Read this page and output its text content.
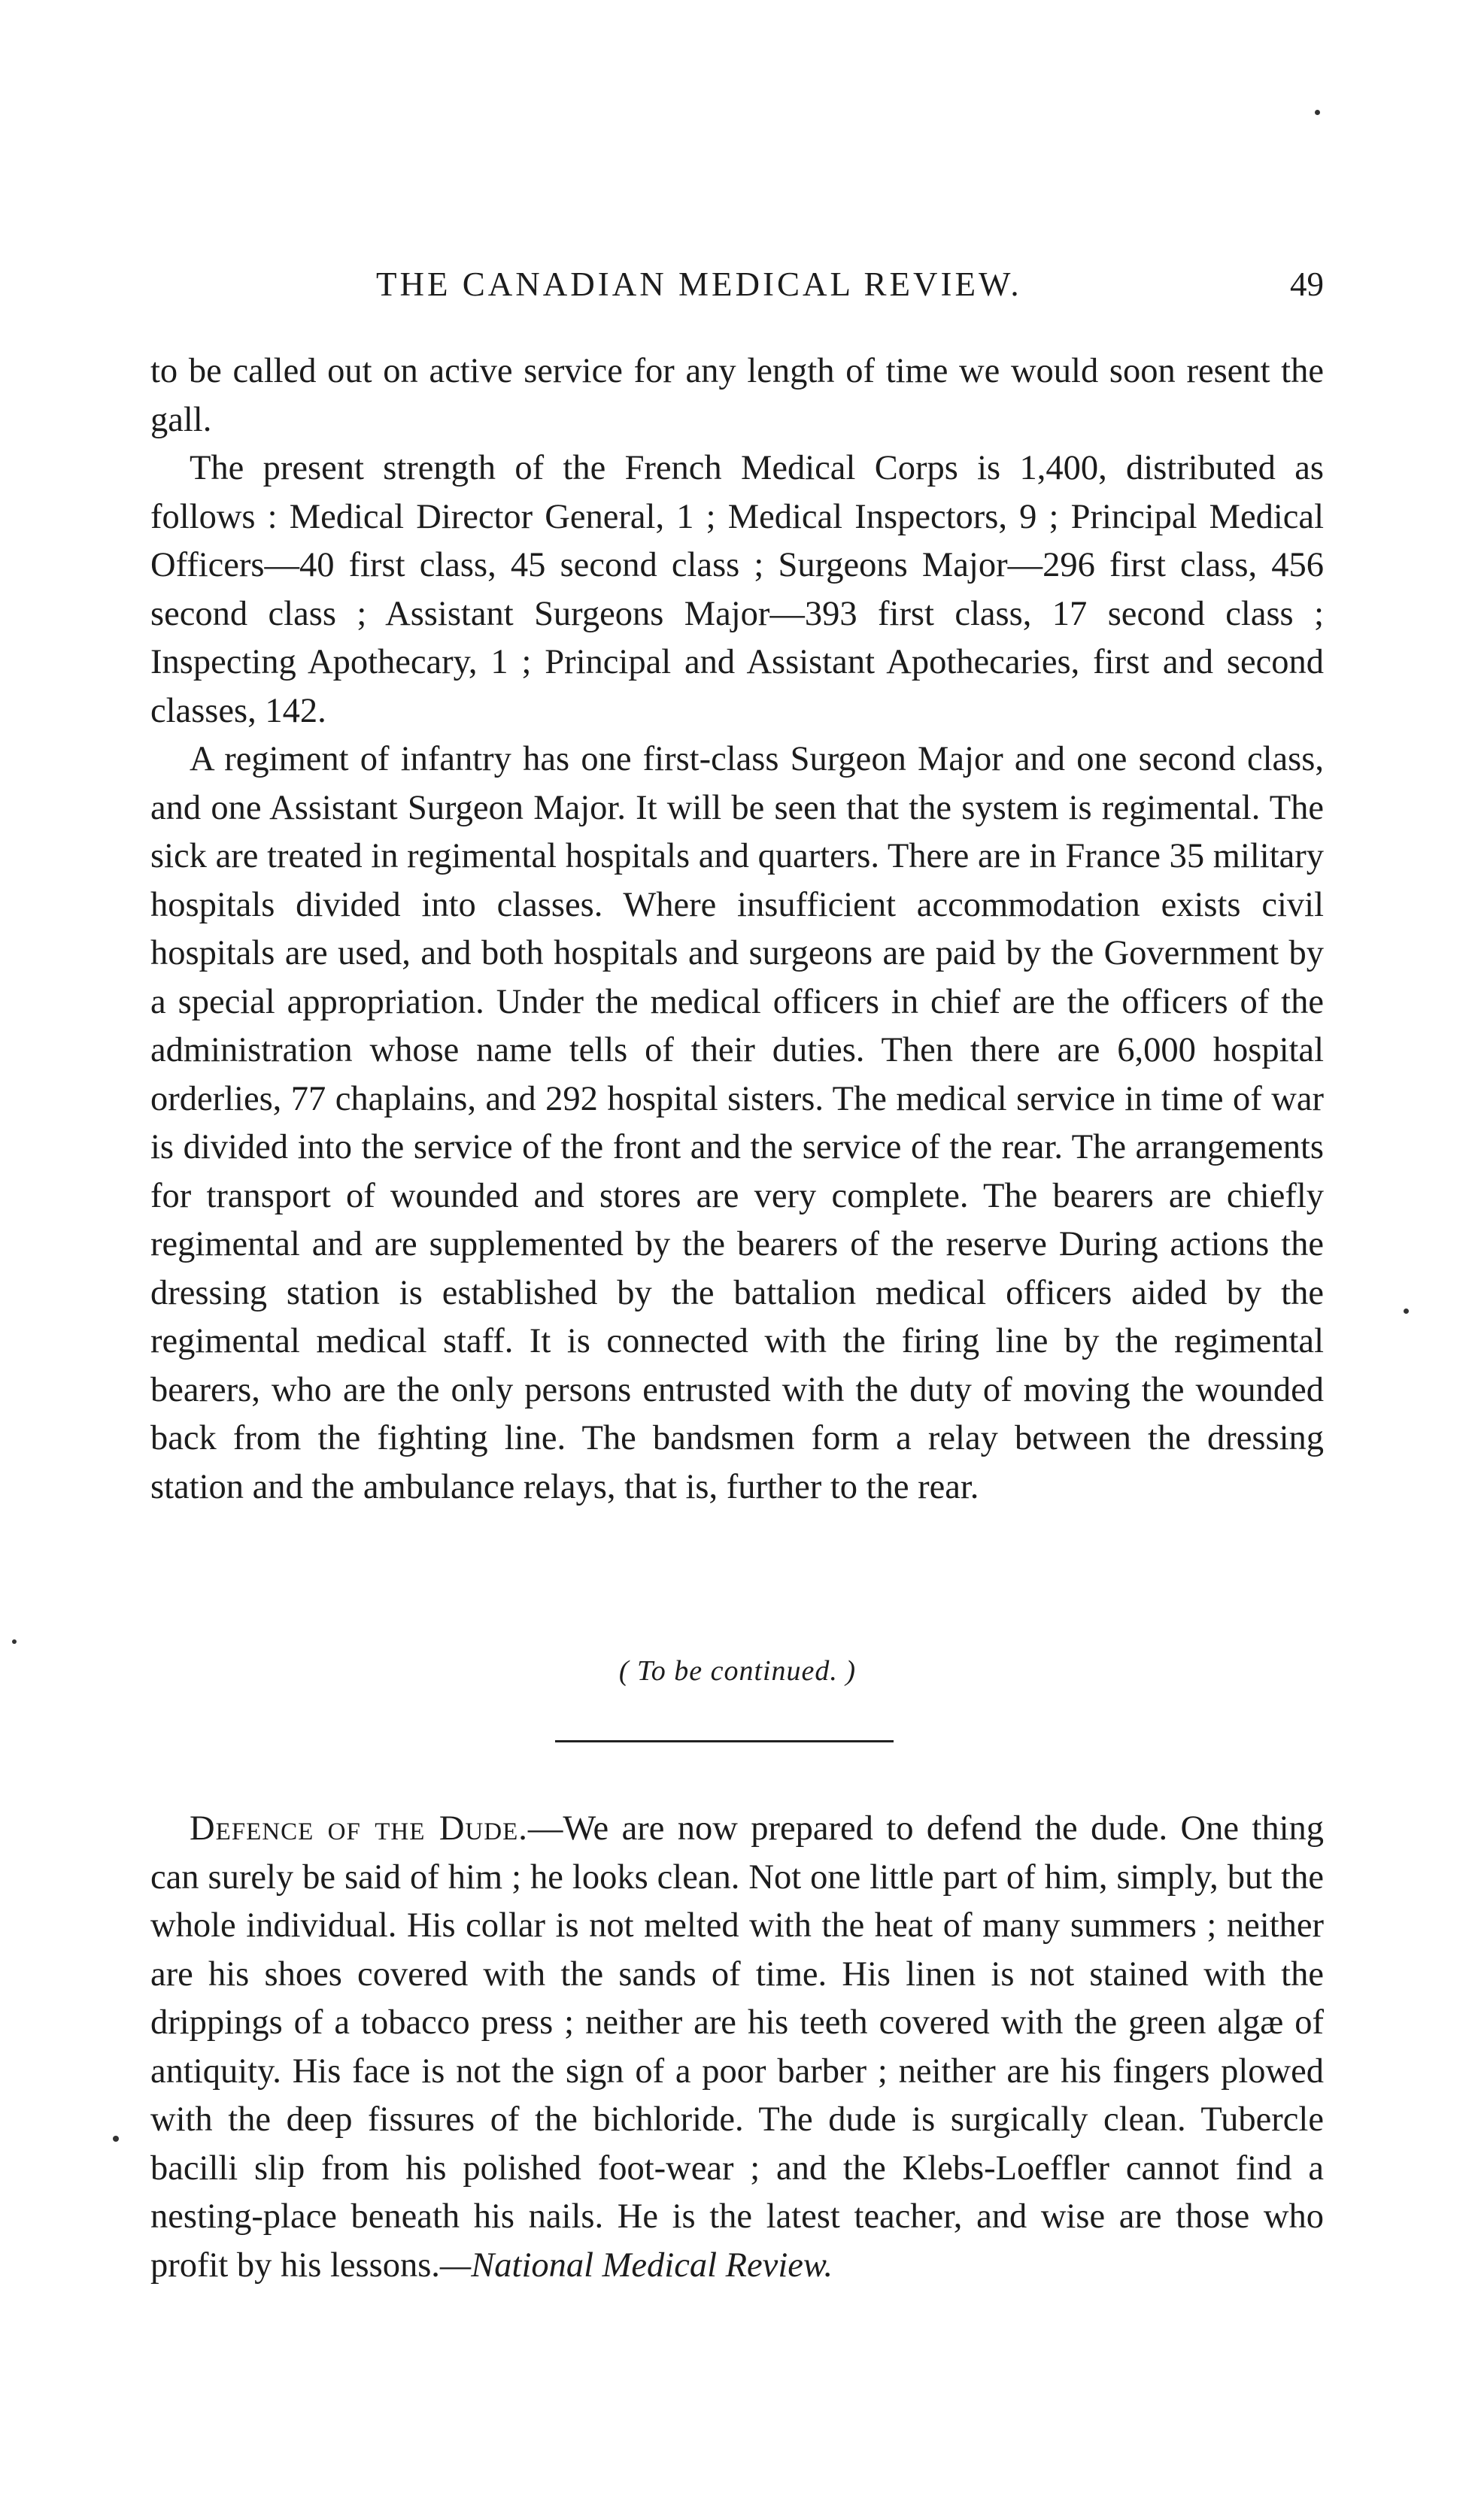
THE CANADIAN MEDICAL REVIEW.	49

to be called out on active service for any length of time we would soon resent the gall.

The present strength of the French Medical Corps is 1,400, distributed as follows : Medical Director General, 1 ; Medical Inspectors, 9 ; Principal Medical Officers—40 first class, 45 second class ; Surgeons Major—296 first class, 456 second class ; Assistant Surgeons Major—393 first class, 17 second class ; Inspecting Apothecary, 1 ; Principal and Assistant Apothecaries, first and second classes, 142.

A regiment of infantry has one first-class Surgeon Major and one second class, and one Assistant Surgeon Major. It will be seen that the system is regimental. The sick are treated in regimental hospitals and quarters. There are in France 35 military hospitals divided into classes. Where insufficient accommodation exists civil hospitals are used, and both hospitals and surgeons are paid by the Government by a special appropriation. Under the medical officers in chief are the officers of the administration whose name tells of their duties. Then there are 6,000 hospital orderlies, 77 chaplains, and 292 hospital sisters. The medical service in time of war is divided into the service of the front and the service of the rear. The arrangements for transport of wounded and stores are very complete. The bearers are chiefly regimental and are supplemented by the bearers of the reserve During actions the dressing station is established by the battalion medical officers aided by the regimental medical staff. It is connected with the firing line by the regimental bearers, who are the only persons entrusted with the duty of moving the wounded back from the fighting line. The bandsmen form a relay between the dressing station and the ambulance relays, that is, further to the rear.

( To be continued. )

Defence of the Dude.—We are now prepared to defend the dude. One thing can surely be said of him ; he looks clean. Not one little part of him, simply, but the whole individual. His collar is not melted with the heat of many summers ; neither are his shoes covered with the sands of time. His linen is not stained with the drippings of a tobacco press ; neither are his teeth covered with the green algæ of antiquity. His face is not the sign of a poor barber ; neither are his fingers plowed with the deep fissures of the bichloride. The dude is surgically clean. Tubercle bacilli slip from his polished foot-wear ; and the Klebs-Loeffler cannot find a nesting-place beneath his nails. He is the latest teacher, and wise are those who profit by his lessons.—National Medical Review.
